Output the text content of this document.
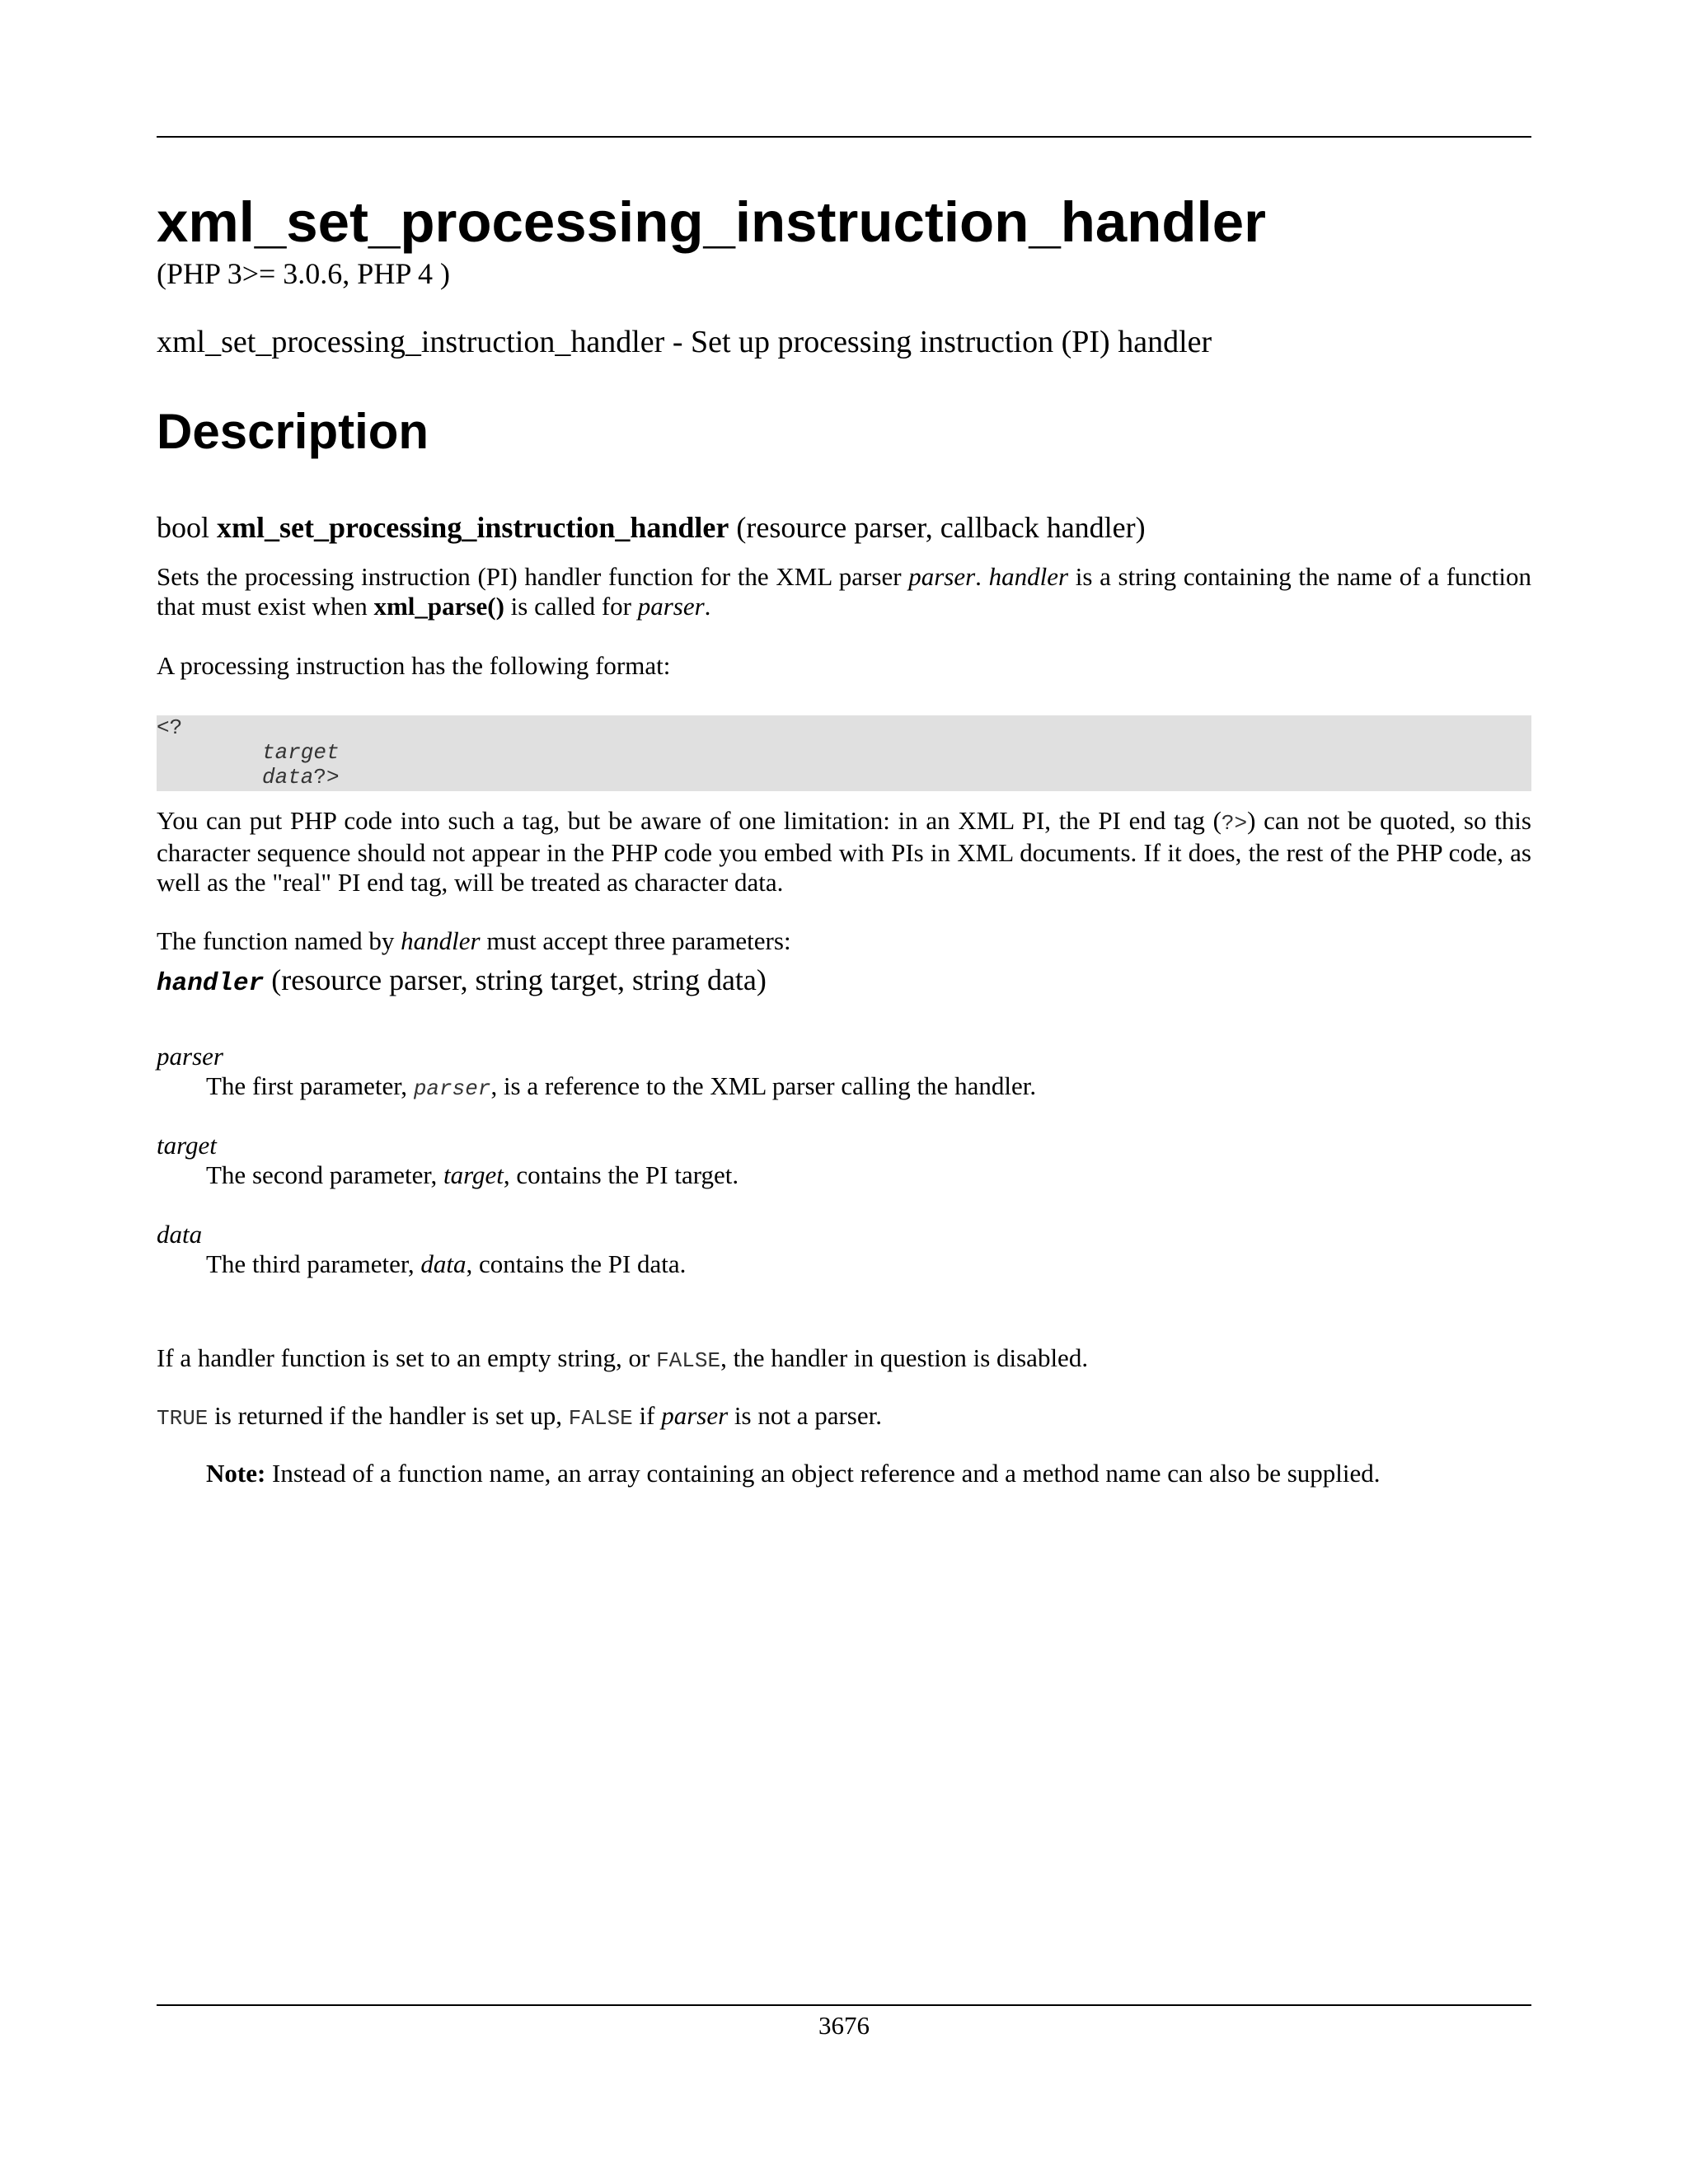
xml_set_processing_instruction_handler
(PHP 3>= 3.0.6, PHP 4 )
xml_set_processing_instruction_handler - Set up processing instruction (PI) handler
Description
bool xml_set_processing_instruction_handler (resource parser, callback handler)
Sets the processing instruction (PI) handler function for the XML parser parser. handler is a string containing the name of a function that must exist when xml_parse() is called for parser.
A processing instruction has the following format:
<?
target
data?>
You can put PHP code into such a tag, but be aware of one limitation: in an XML PI, the PI end tag (?>) can not be quoted, so this character sequence should not appear in the PHP code you embed with PIs in XML documents. If it does, the rest of the PHP code, as well as the "real" PI end tag, will be treated as character data.
The function named by handler must accept three parameters:
handler (resource parser, string target, string data)
parser
The first parameter, parser, is a reference to the XML parser calling the handler.
target
The second parameter, target, contains the PI target.
data
The third parameter, data, contains the PI data.
If a handler function is set to an empty string, or FALSE, the handler in question is disabled.
TRUE is returned if the handler is set up, FALSE if parser is not a parser.
Note: Instead of a function name, an array containing an object reference and a method name can also be supplied.
3676
